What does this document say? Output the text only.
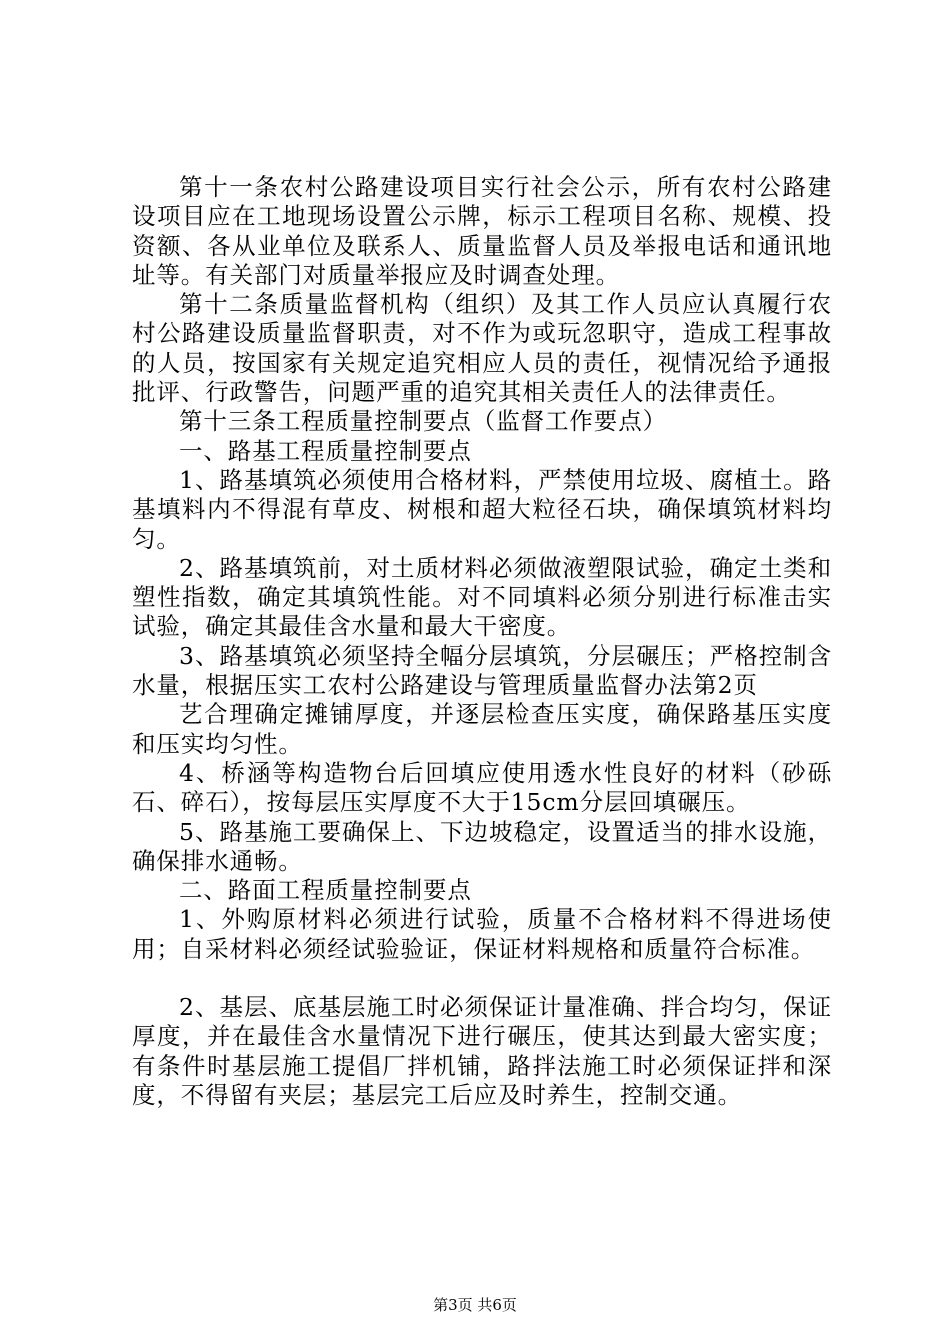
第十一条农村公路建设项目实行社会公示，所有农村公路建设项目应在工地现场设置公示牌，标示工程项目名称、规模、投资额、各从业单位及联系人、质量监督人员及举报电话和通讯地址等。有关部门对质量举报应及时调查处理。

第十二条质量监督机构（组织）及其工作人员应认真履行农村公路建设质量监督职责，对不作为或玩忽职守，造成工程事故的人员，按国家有关规定追究相应人员的责任，视情况给予通报批评、行政警告，问题严重的追究其相关责任人的法律责任。

第十三条工程质量控制要点（监督工作要点）

一、路基工程质量控制要点

1、路基填筑必须使用合格材料，严禁使用垃圾、腐植土。路基填料内不得混有草皮、树根和超大粒径石块，确保填筑材料均匀。

2、路基填筑前，对土质材料必须做液塑限试验，确定土类和塑性指数，确定其填筑性能。对不同填料必须分别进行标准击实试验，确定其最佳含水量和最大干密度。

3、路基填筑必须坚持全幅分层填筑，分层碾压；严格控制含水量，根据压实工农村公路建设与管理质量监督办法第2页

艺合理确定摊铺厚度，并逐层检查压实度，确保路基压实度和压实均匀性。

4、桥涵等构造物台后回填应使用透水性良好的材料（砂砾石、碎石），按每层压实厚度不大于15cm分层回填碾压。

5、路基施工要确保上、下边坡稳定，设置适当的排水设施，确保排水通畅。

二、路面工程质量控制要点

1、外购原材料必须进行试验，质量不合格材料不得进场使用；自采材料必须经试验验证，保证材料规格和质量符合标准。

2、基层、底基层施工时必须保证计量准确、拌合均匀，保证厚度，并在最佳含水量情况下进行碾压，使其达到最大密实度；有条件时基层施工提倡厂拌机铺，路拌法施工时必须保证拌和深度，不得留有夹层；基层完工后应及时养生，控制交通。

第3页 共6页
